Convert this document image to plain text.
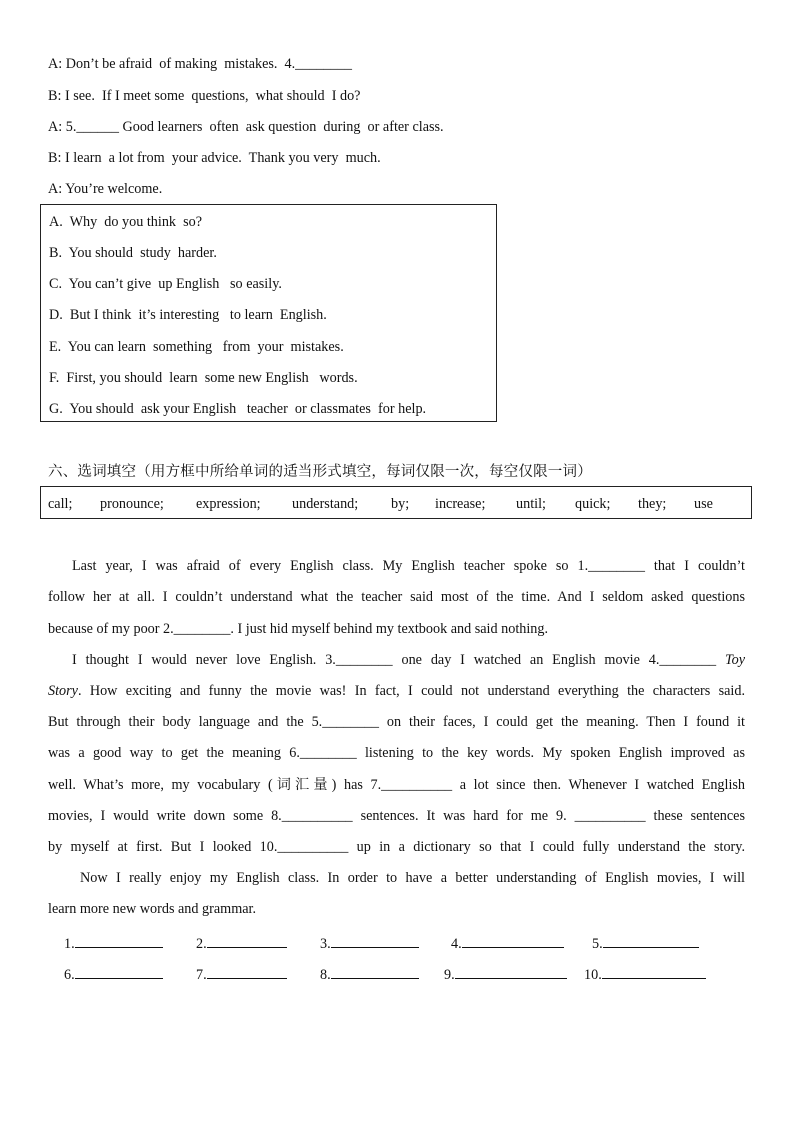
A: Don’t be afraid  of making  mistakes.  4.________
B: I see.  If I meet some  questions,  what should  I do?
A: 5.______ Good learners  often  ask question  during  or after class.
B: I learn  a lot from  your advice.  Thank you very  much.
A: You’re welcome.
A.  Why  do you think  so?
B.  You should  study  harder.
C.  You can’t give  up English   so easily.
D.  But I think  it’s interesting   to learn  English.
E.  You can learn  something   from  your  mistakes.
F.  First, you should  learn  some new English   words.
G.  You should  ask your English   teacher  or classmates  for help.
六、选词填空（用方框中所给单词的适当形式填空，每词仅限一次，每空仅限一词）
call; pronounce; expression; understand; by; increase; until; quick; they; use
Last year, I was afraid of every English class. My English teacher spoke so 1.________ that I couldn’t
follow her at all. I couldn’t understand what the teacher said most of the time. And I seldom asked questions
because of my poor 2.________. I just hid myself behind my textbook and said nothing.
I thought I would never love English. 3.________ one day I watched an English movie 4.________ Toy
Story. How exciting and funny the movie was! In fact, I could not understand everything the characters said.
But through their body language and the 5.________ on their faces, I could get the meaning. Then I found it
was a good way to get the meaning 6.________ listening to the key words. My spoken English improved as
well. What’s more, my vocabulary (词汇量) has 7.__________ a lot since then. Whenever I watched English
movies, I would write down some 8.__________ sentences. It was hard for me 9. __________ these sentences
by myself at first. But I looked 10.__________ up in a dictionary so that I could fully understand the story.
Now I really enjoy my English class. In order to have a better understanding of English movies, I will
learn more new words and grammar.
1.	2.	3.	4.	5.
6.	7.	8.	9.	10.
